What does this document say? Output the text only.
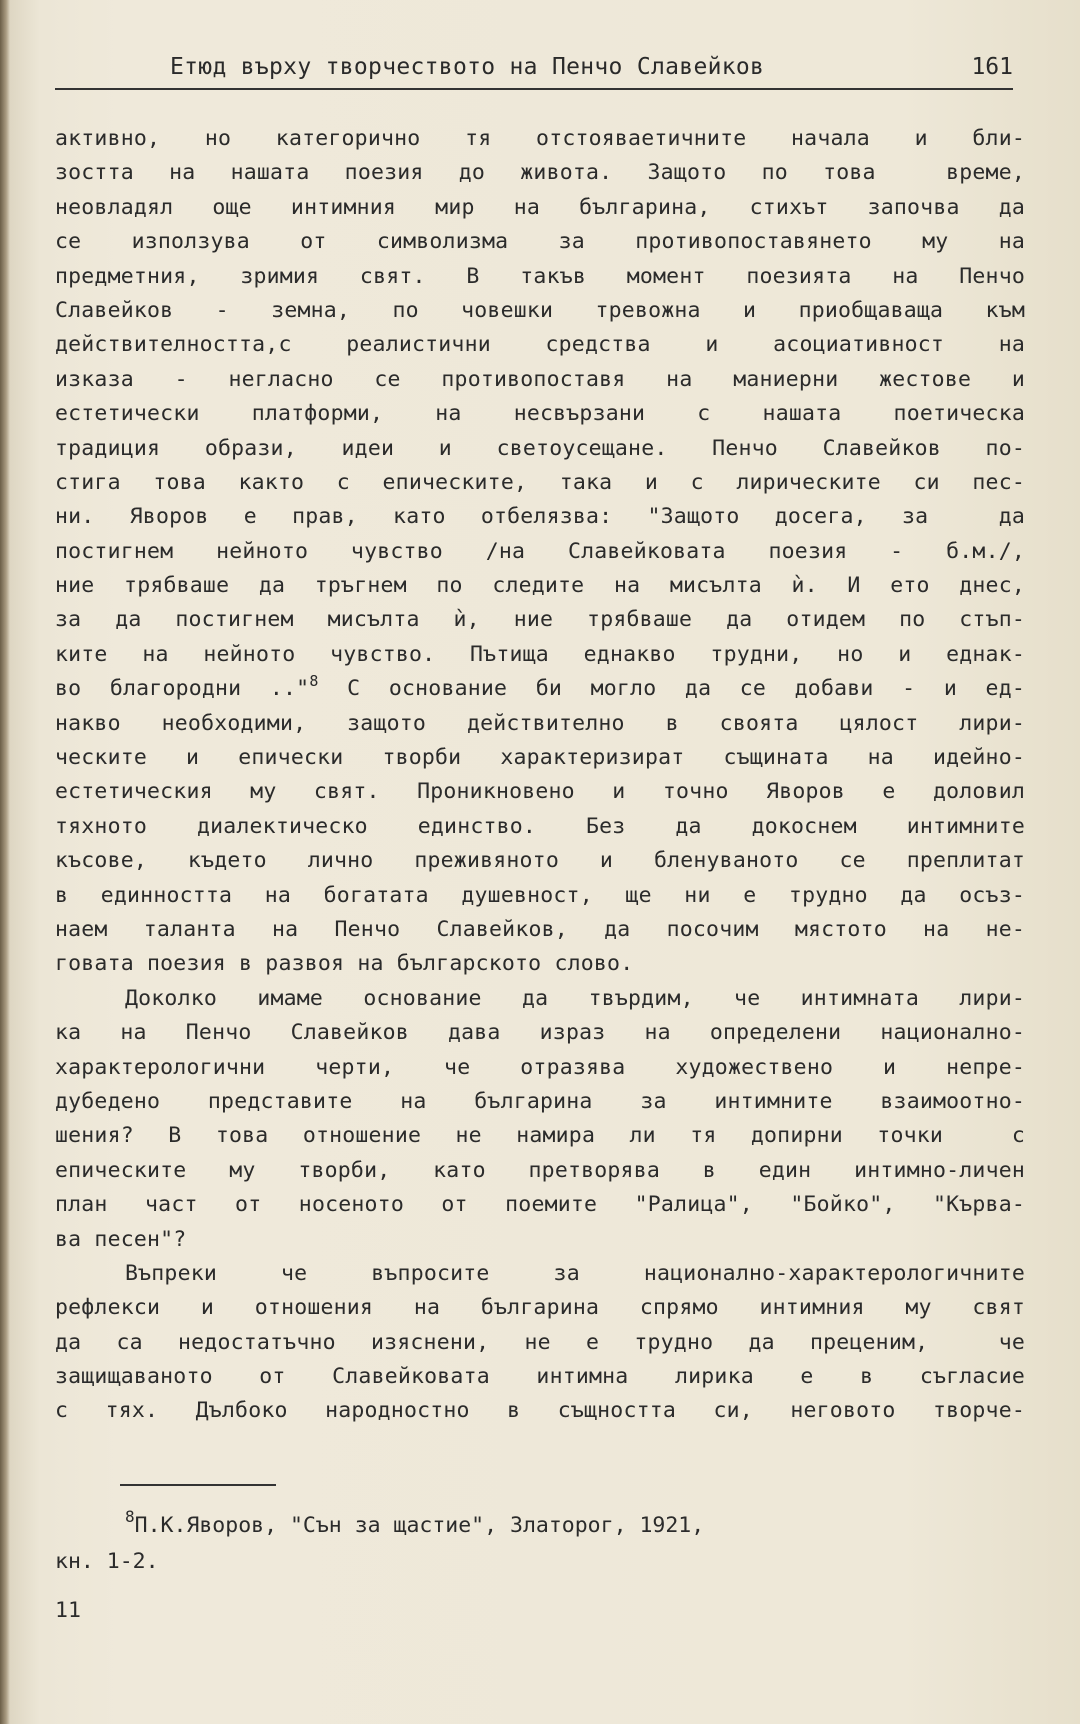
Етюд върху творчеството на Пенчо Славейков	161
активно, но категорично тя отстояваетичните начала и бли-
зостта на нашата поезия до живота. Защото по това  време,
неовладял още интимния мир на българина, стихът започва да
се използува от символизма за противопоставянето му на
предметния, зримия свят. В такъв момент поезията на Пенчо
Славейков - земна, по човешки тревожна и приобщаваща към
действителността,с реалистични средства и асоциативност на
изказа - негласно се противопоставя на маниерни жестове и
естетически платформи, на несвързани с нашата поетическа
традиция образи, идеи и светоусещане. Пенчо Славейков по-
стига това както с епическите, така и с лирическите си пес-
ни. Яворов е прав, като отбелязва: "Защото досега, за  да
постигнем нейното чувство /на Славейковата поезия - б.м./,
ние трябваше да тръгнем по следите на мисълта ѝ. И ето днес,
за да постигнем мисълта ѝ, ние трябваше да отидем по стъп-
ките на нейното чувство. Пътища еднакво трудни, но и еднак-
во благородни .."$^8$ С основание би могло да се добави - и ед-
накво необходими, защото действително в своята цялост лири-
ческите и епически творби характеризират същината на идейно-
естетическия му свят. Проникновено и точно Яворов е доловил
тяхното диалектическо единство. Без да докоснем интимните
късове, където лично преживяното и бленуваното се преплитат
в единността на богатата душевност, ще ни е трудно да осъз-
наем таланта на Пенчо Славейков, да посочим мястото на не-
говата поезия в развоя на българското слово.
Доколко имаме основание да твърдим, че интимната лири-
ка на Пенчо Славейков дава израз на определени национално-
характерологични черти, че отразява художествено и непре-
дубедено представите на българина за интимните взаимоотно-
шения? В това отношение не намира ли тя допирни точки  с
епическите му творби, като претворява в един интимно-личен
план част от носеното от поемите "Ралица", "Бойко", "Кърва-
ва песен"?
Въпреки че въпросите за национално-характерологичните
рефлекси и отношения на българина спрямо интимния му свят
да са недостатъчно изяснени, не е трудно да преценим,  че
защищаваното от Славейковата интимна лирика е в съгласие
с тях. Дълбоко народностно в същността си, неговото творче-
$^8$П.К.Яворов, "Сън за щастие", Златорог, 1921,
кн. 1-2.
11
